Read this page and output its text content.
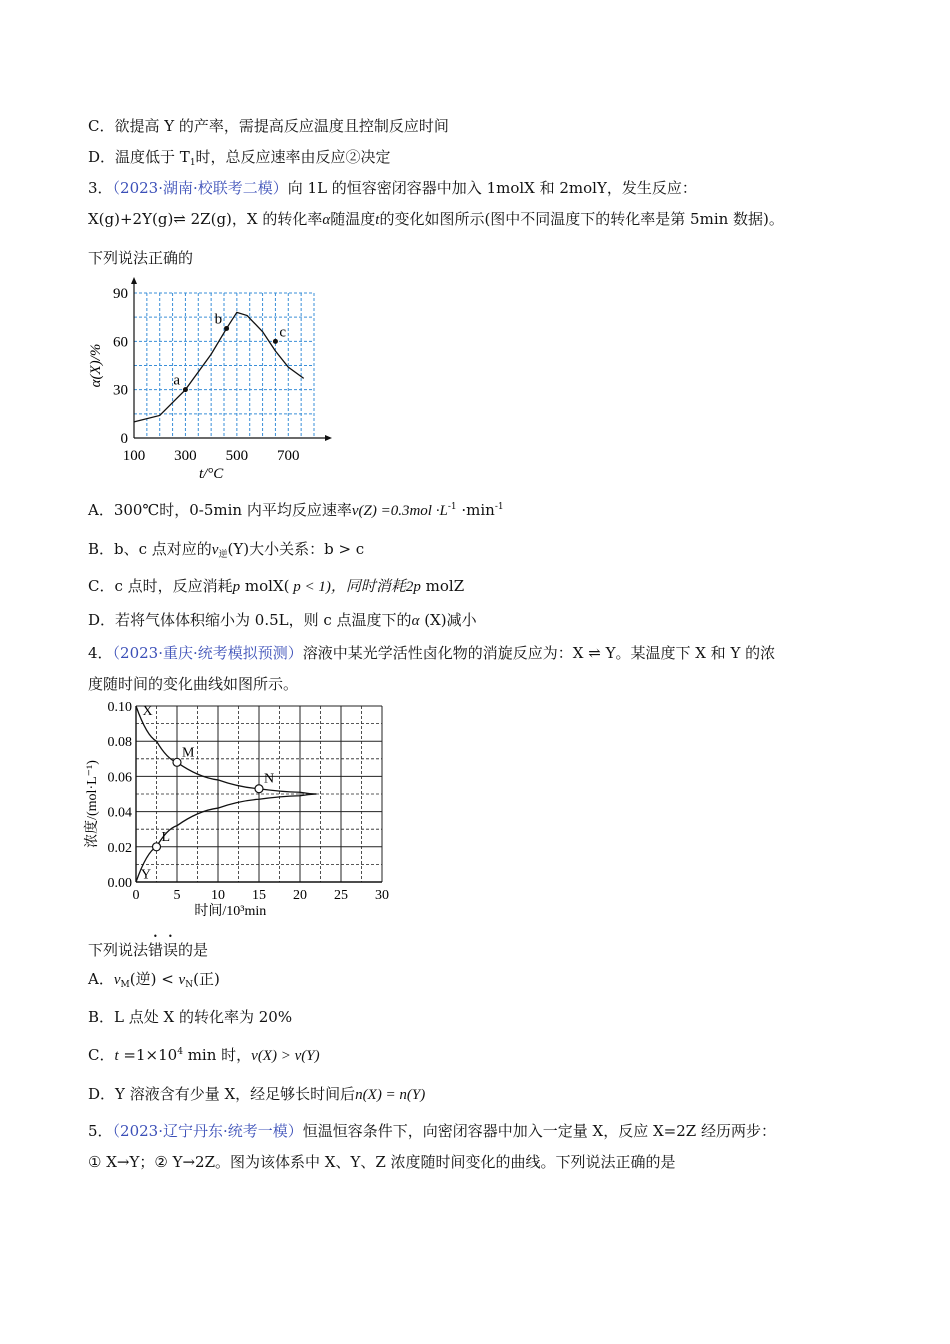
C．欲提高 Y 的产率，需提高反应温度且控制反应时间
D．温度低于 $T_1$时，总反应速率由反应②决定
3．（2023·湖南·校联考二模）向 1L 的恒容密闭容器中加入 1molX 和 2molY，发生反应：
X(g)+2Y(g)⇌ 2Z(g)，X 的转化率α随温度t的变化如图所示(图中不同温度下的转化率是第 5min 数据)。
下列说法正确的
0
30
60
90
100 300 500 700
t/°C
α(X)/%	a
b
c
A．300℃时，0-5min 内平均反应速率$v(Z) =0.3mol \cdot L^{-1} \cdot\min^{-1}$
B．b、c 点对应的$v_逆(Y)$大小关系：b > c
C．c 点时，反应消耗p molX( p < 1)，同时消耗2p molZ
D．若将气体体积缩小为 0.5L，则 c 点温度下的α (X)减小
4．（2023·重庆·统考模拟预测）溶液中某光学活性卤化物的消旋反应为：X ⇌ Y。某温度下 X 和 Y 的浓
度随时间的变化曲线如图所示。
0.00
0.02
0.04
0.06
0.08
0.10
0 5 10 15 20 25 30
时间/10³min
浓度/(mol·L⁻¹)
X
Y
M
N
L
下列说法错误的是
A．$v_M$(逆) < $v_N$(正)
B．L 点处 X 的转化率为 20%
C．$t =1\times 10^4$ min 时，v(X) > v(Y)
D．Y 溶液含有少量 X，经足够长时间后n(X) = n(Y)
5．（2023·辽宁丹东·统考一模）恒温恒容条件下，向密闭容器中加入一定量 X，反应 X=2Z 经历两步：
① X→Y；② Y→2Z。图为该体系中 X、Y、Z 浓度随时间变化的曲线。下列说法正确的是
